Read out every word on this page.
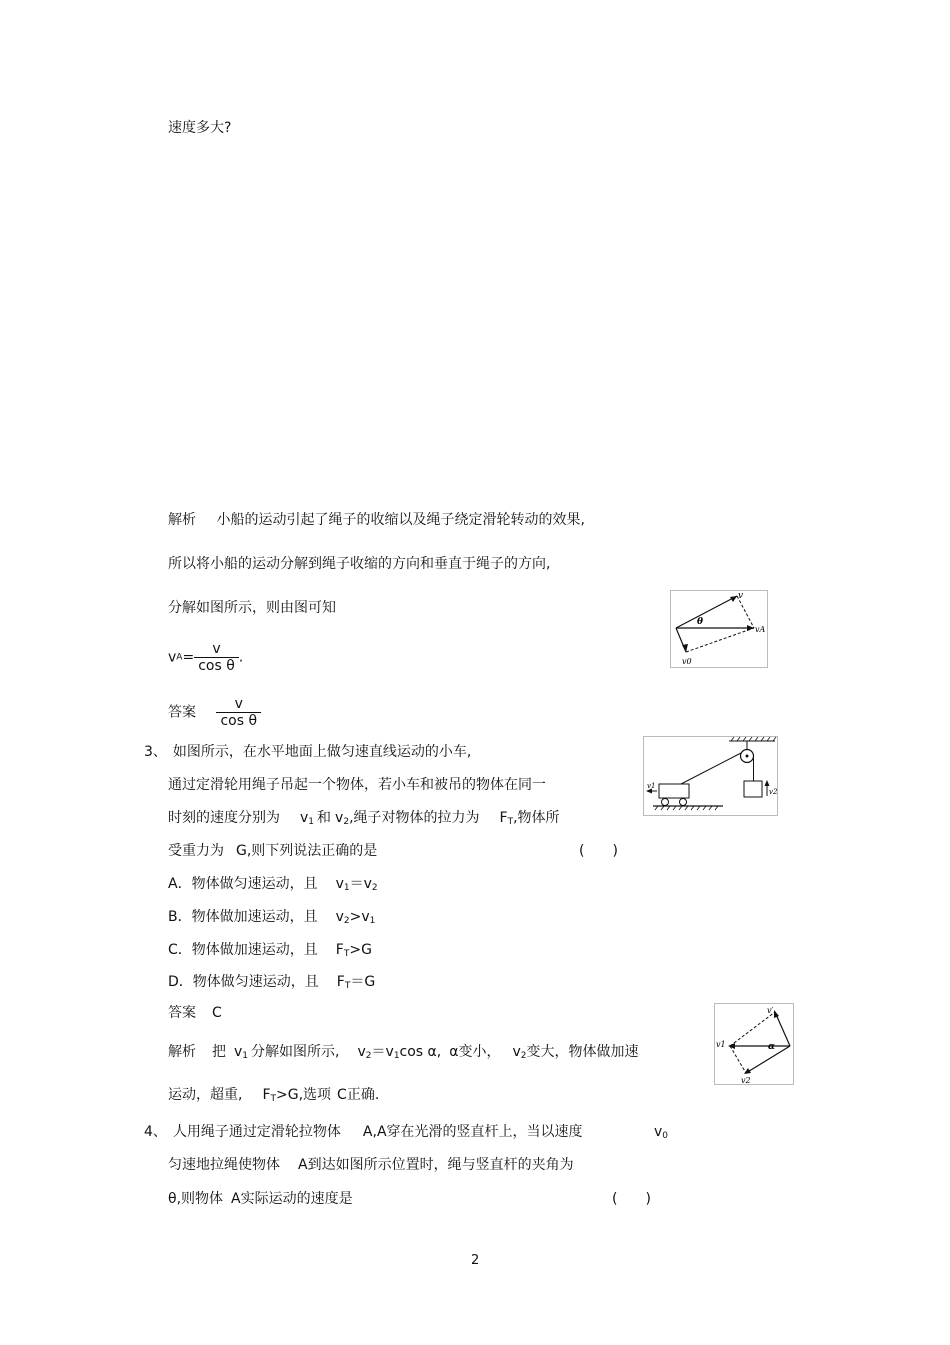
速度多大?
解析 小船的运动引起了绳子的收缩以及绳子绕定滑轮转动的效果,
所以将小船的运动分解到绳子收缩的方向和垂直于绳子的方向,
分解如图所示，则由图可知
$vA= \frac{v}{\text{cos θ}}$ .
答案 $\frac{v}{\text{cos θ}}$
v
θ
vA
v0
3、 如图所示，在水平地面上做匀速直线运动的小车,
通过定滑轮用绳子吊起一个物体，若小车和被吊的物体在同一
时刻的速度分别为 $v_1$ 和 $v_2$,绳子对物体的拉力为 $F_T$,物体所
受重力为 G,则下列说法正确的是	(　　)
A．物体做匀速运动，且 $v_1=v_2$
B．物体做加速运动，且 $v_2>v_1$
C．物体做加速运动，且 $F_T>G$
D．物体做匀速运动，且 $F_T=G$
答案 C
解析 把 $v_1$ 分解如图所示, $v_2=v_1\cos$ α, α变小， $v_2$变大，物体做加速
运动，超重, $F_T>G$,选项 C正确.
v2
v1
v′
v1	α
v2
4、 人用绳子通过定滑轮拉物体 A,A穿在光滑的竖直杆上，当以速度	$v_0$
匀速地拉绳使物体 A到达如图所示位置时，绳与竖直杆的夹角为
θ,则物体 A实际运动的速度是	(　　)
2
